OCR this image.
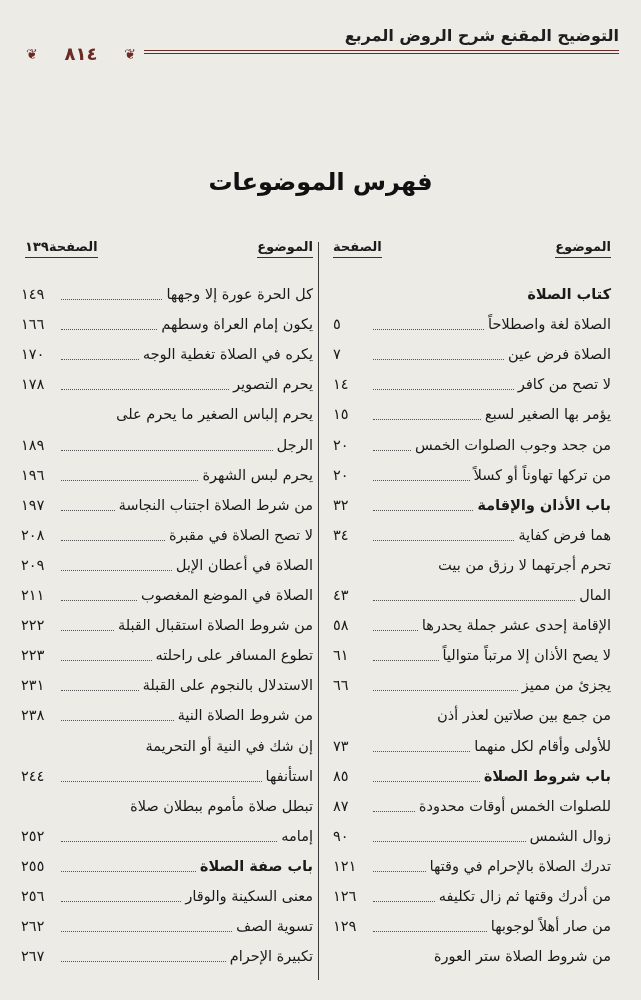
التوضيح المقنع شرح الروض المربع
❦
٨١٤
❦
فهرس الموضوعات
الموضوع
الصفحة
كتاب الصلاة
الصلاة لغة واصطلاحاً
٥
الصلاة فرض عين
٧
لا تصح من كافر
١٤
يؤمر بها الصغير لسبع
١٥
من جحد وجوب الصلوات الخمس
٢٠
من تركها تهاوناً أو كسلاً
٢٠
باب الأذان والإقامة
٣٢
هما فرض كفاية
٣٤
تحرم أجرتهما لا رزق من بيت
المال
٤٣
الإقامة إحدى عشر جملة يحدرها
٥٨
لا يصح الأذان إلا مرتباً متوالياً
٦١
يجزئ من مميز
٦٦
من جمع بين صلاتين لعذر أذن
للأولى وأقام لكل منهما
٧٣
باب شروط الصلاة
٨٥
للصلوات الخمس أوقات محدودة
٨٧
زوال الشمس
٩٠
تدرك الصلاة بالإحرام في وقتها
١٢١
من أدرك وقتها ثم زال تكليفه
١٢٦
من صار أهلاً لوجوبها
١٢٩
من شروط الصلاة ستر العورة
الموضوع
الصفحة١٣٩
كل الحرة عورة إلا وجهها
١٤٩
يكون إمام العراة وسطهم
١٦٦
يكره في الصلاة تغطية الوجه
١٧٠
يحرم التصوير
١٧٨
يحرم إلباس الصغير ما يحرم على
الرجل
١٨٩
يحرم لبس الشهرة
١٩٦
من شرط الصلاة اجتناب النجاسة
١٩٧
لا تصح الصلاة في مقبرة
٢٠٨
الصلاة في أعطان الإبل
٢٠٩
الصلاة في الموضع المغصوب
٢١١
من شروط الصلاة استقبال القبلة
٢٢٢
تطوع المسافر على راحلته
٢٢٣
الاستدلال بالنجوم على القبلة
٢٣١
من شروط الصلاة النية
٢٣٨
إن شك في النية أو التحريمة
استأنفها
٢٤٤
تبطل صلاة مأموم ببطلان صلاة
إمامه
٢٥٢
باب صفة الصلاة
٢٥٥
معنى السكينة والوقار
٢٥٦
تسوية الصف
٢٦٢
تكبيرة الإحرام
٢٦٧
